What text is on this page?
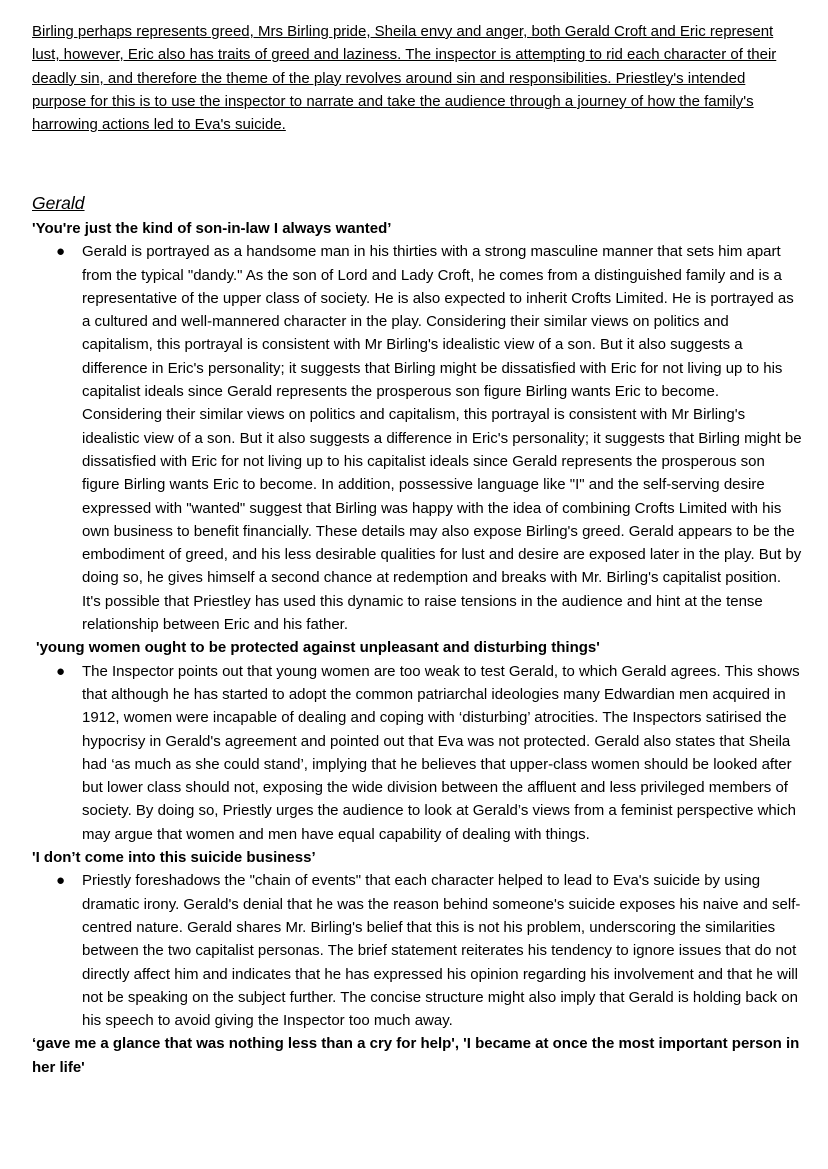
Birling perhaps represents greed, Mrs Birling pride, Sheila envy and anger, both Gerald Croft and Eric represent lust, however, Eric also has traits of greed and laziness. The inspector is attempting to rid each character of their deadly sin, and therefore the theme of the play revolves around sin and responsibilities. Priestley's intended purpose for this is to use the inspector to narrate and take the audience through a journey of how the family's harrowing actions led to Eva's suicide.

Gerald

'You're just the kind of son-in-law I always wanted’

● Gerald is portrayed as a handsome man in his thirties with a strong masculine manner that sets him apart from the typical "dandy." As the son of Lord and Lady Croft, he comes from a distinguished family and is a representative of the upper class of society. He is also expected to inherit Crofts Limited. He is portrayed as a cultured and well-mannered character in the play. Considering their similar views on politics and capitalism, this portrayal is consistent with Mr Birling's idealistic view of a son. But it also suggests a difference in Eric's personality; it suggests that Birling might be dissatisfied with Eric for not living up to his capitalist ideals since Gerald represents the prosperous son figure Birling wants Eric to become. Considering their similar views on politics and capitalism, this portrayal is consistent with Mr Birling's idealistic view of a son. But it also suggests a difference in Eric's personality; it suggests that Birling might be dissatisfied with Eric for not living up to his capitalist ideals since Gerald represents the prosperous son figure Birling wants Eric to become. In addition, possessive language like "I" and the self-serving desire expressed with "wanted" suggest that Birling was happy with the idea of combining Crofts Limited with his own business to benefit financially. These details may also expose Birling's greed. Gerald appears to be the embodiment of greed, and his less desirable qualities for lust and desire are exposed later in the play. But by doing so, he gives himself a second chance at redemption and breaks with Mr. Birling's capitalist position. It's possible that Priestley has used this dynamic to raise tensions in the audience and hint at the tense relationship between Eric and his father.

'young women ought to be protected against unpleasant and disturbing things'

● The Inspector points out that young women are too weak to test Gerald, to which Gerald agrees. This shows that although he has started to adopt the common patriarchal ideologies many Edwardian men acquired in 1912, women were incapable of dealing and coping with ‘disturbing’ atrocities. The Inspectors satirised the hypocrisy in Gerald's agreement and pointed out that Eva was not protected. Gerald also states that Sheila had ‘as much as she could stand’, implying that he believes that upper-class women should be looked after but lower class should not, exposing the wide division between the affluent and less privileged members of society. By doing so, Priestly urges the audience to look at Gerald’s views from a feminist perspective which may argue that women and men have equal capability of dealing with things.

'I don’t come into this suicide business’

● Priestly foreshadows the "chain of events" that each character helped to lead to Eva's suicide by using dramatic irony. Gerald's denial that he was the reason behind someone's suicide exposes his naive and self-centred nature. Gerald shares Mr. Birling's belief that this is not his problem, underscoring the similarities between the two capitalist personas. The brief statement reiterates his tendency to ignore issues that do not directly affect him and indicates that he has expressed his opinion regarding his involvement and that he will not be speaking on the subject further. The concise structure might also imply that Gerald is holding back on his speech to avoid giving the Inspector too much away.

‘gave me a glance that was nothing less than a cry for help', 'I became at once the most important person in her life'
